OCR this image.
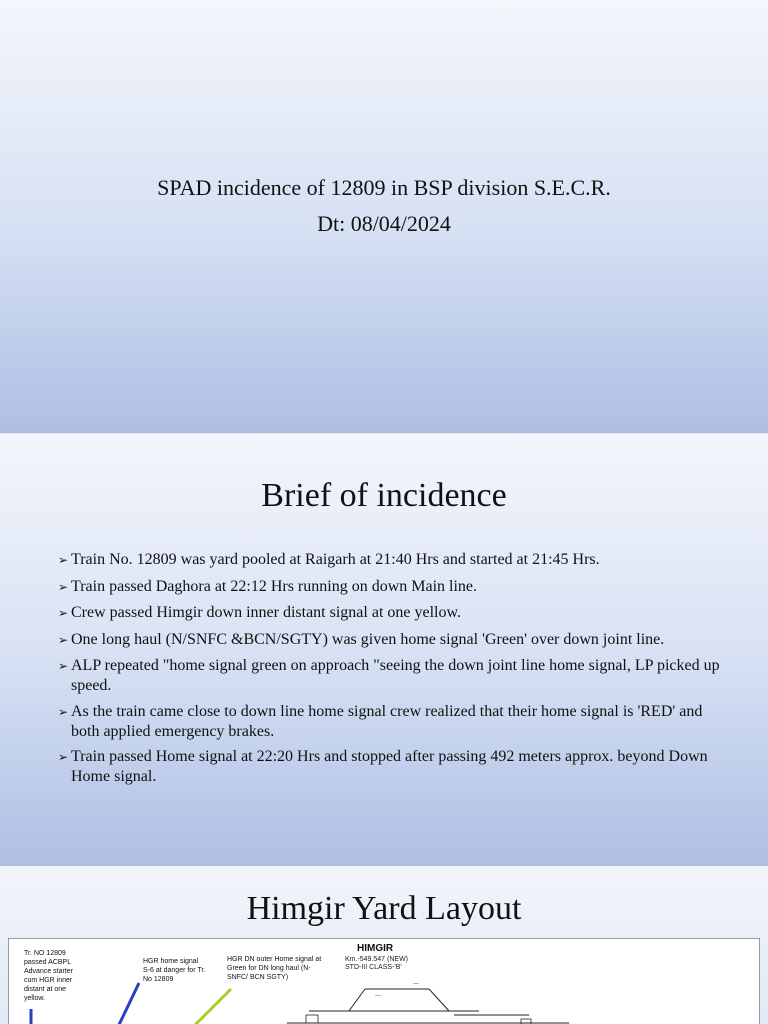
SPAD incidence of 12809 in BSP division S.E.C.R.
Dt: 08/04/2024
Brief of incidence
➢ Train No. 12809 was yard pooled at Raigarh at 21:40 Hrs and started at 21:45 Hrs.
➢ Train passed Daghora at 22:12 Hrs running on down Main line.
➢ Crew passed Himgir down inner distant signal at one yellow.
➢ One long haul (N/SNFC &BCN/SGTY) was given home signal 'Green' over down joint line.
➢ ALP repeated "home signal green on approach "seeing the down joint line home signal, LP picked up speed.
➢ As the train came close to down line home signal crew realized that their home signal is 'RED' and both applied emergency brakes.
➢ Train passed Home signal at 22:20 Hrs and stopped after passing 492 meters approx. beyond Down Home signal.
Himgir Yard Layout
—
—
Tr. NO 12809 passed ACBPL Advance starter cum HGR inner distant at one yellow.
HGR home signal S-6 at danger for Tr. No 12809
HGR DN outer Home signal at Green for DN long haul (N-SNFC/ BCN SGTY)
HIMGIR
Km.-549.547 (NEW)
STD-III CLASS-'B'
